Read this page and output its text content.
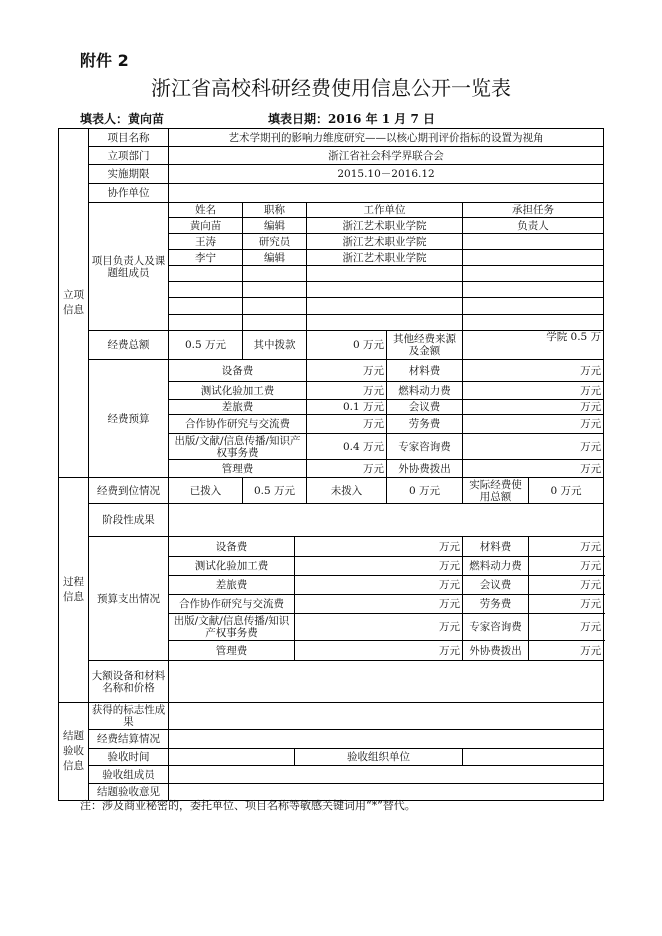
附件 2
浙江省高校科研经费使用信息公开一览表
填表人：黄向苗	填表日期：2016 年 1 月 7 日
立项信息	项目名称	艺术学期刊的影响力维度研究——以核心期刊评价指标的设置为视角						
	立项部门	浙江省社会科学界联合会						
	实施期限	2015.10－2016.12						
	协作单位							
	项目负责人及课题组成员	姓名	职称		工作单位		承担任务	
		黄向苗	编辑		浙江艺术职业学院		负责人	
		王涛	研究员		浙江艺术职业学院			
		李宁	编辑		浙江艺术职业学院			

	经费总额	0.5 万元	其中拨款		0 万元	其他经费来源及金额	学院 0.5 万	
	经费预算	设备费			万元	材料费	万元	
		测试化验加工费			万元	燃料动力费	万元	
		差旅费			0.1 万元	会议费	万元	
		合作协作研究与交流费			万元	劳务费	万元	
		出版/文献/信息传播/知识产权事务费			0.4 万元	专家咨询费	万元	
		管理费			万元	外协费拨出	万元	
过程信息	经费到位情况	已拨入	0.5 万元		未拨入	0 万元	实际经费使用总额	0 万元
	阶段性成果							
	预算支出情况	设备费		万元			材料费	万元
		测试化验加工费		万元			燃料动力费	万元
		差旅费		万元			会议费	万元
		合作协作研究与交流费		万元			劳务费	万元
		出版/文献/信息传播/知识产权事务费		万元			专家咨询费	万元
		管理费		万元			外协费拨出	万元
	大额设备和材料名称和价格							
结题验收信息	获得的标志性成果							
	经费结算情况							
	验收时间			验收组织单位				
	验收组成员							
	结题验收意见							
注：涉及商业秘密的，委托单位、项目名称等敏感关键词用“*”替代。
